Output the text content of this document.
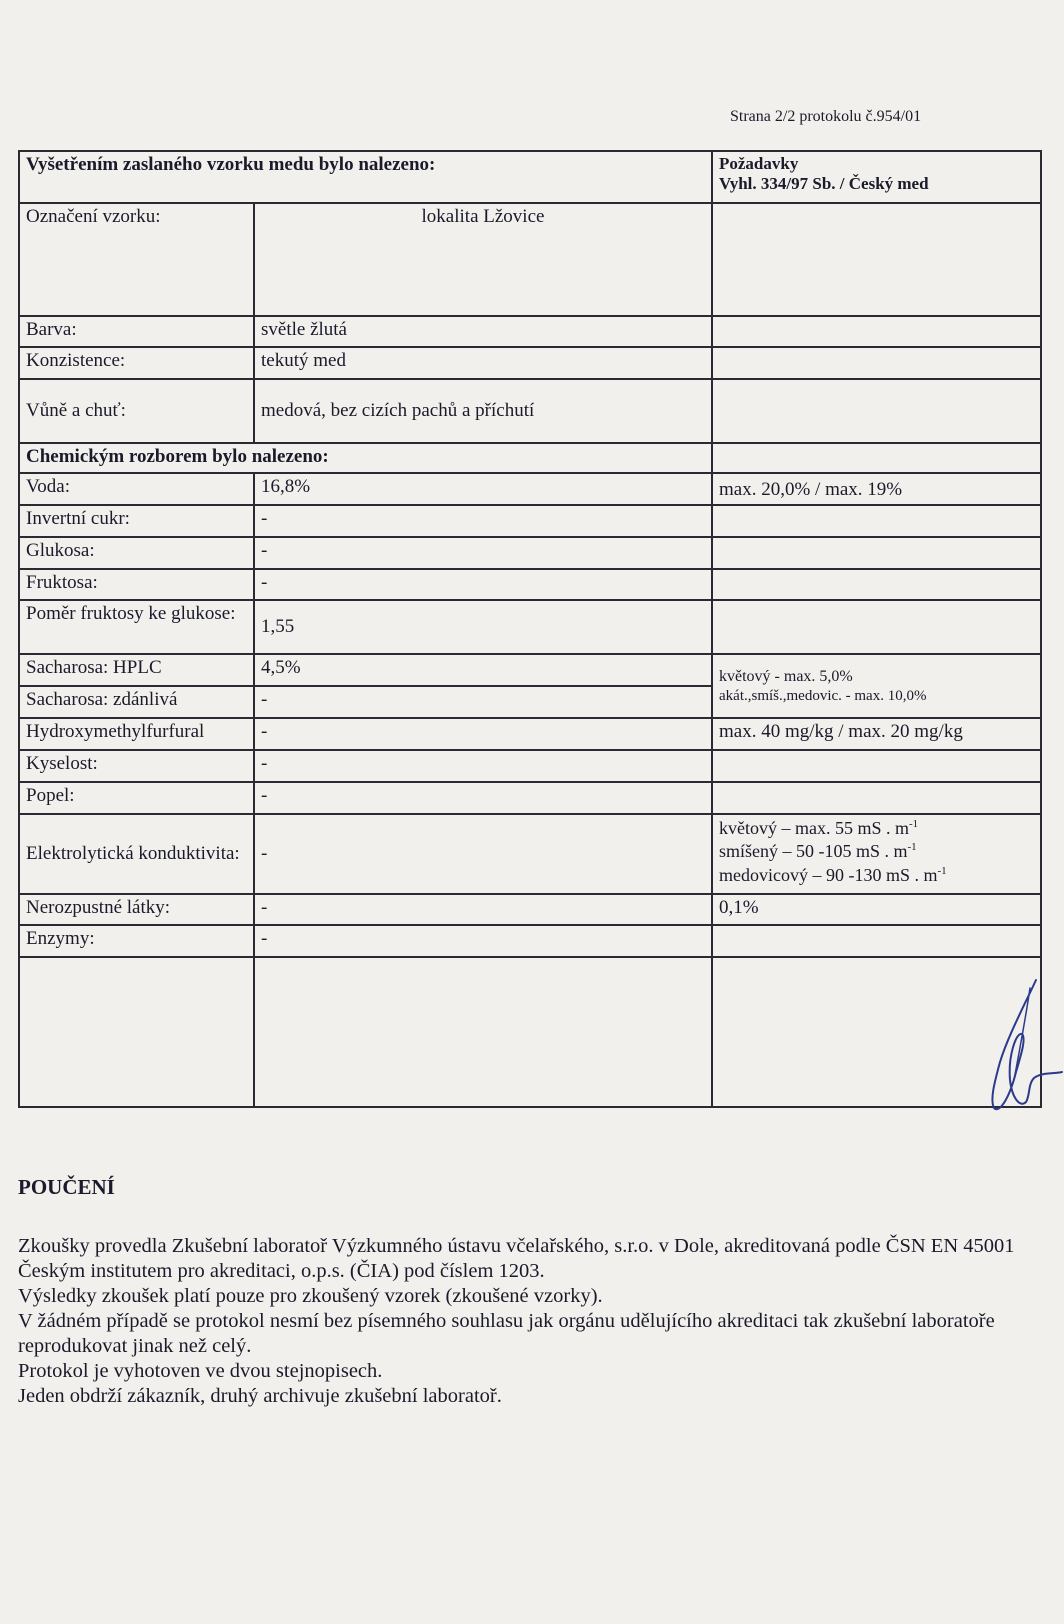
Strana 2/2 protokolu č.954/01
Vyšetřením zaslaného vzorku medu bylo nalezeno:		Požadavky
Vyhl. 334/97 Sb. / Český med

Označení vzorku:	lokalita Lžovice	
Barva:	světle žlutá	
Konzistence:	tekutý med	
Vůně a chuť:	medová, bez cizích pachů a příchutí	
Chemickým rozborem bylo nalezeno:		
Voda:	16,8%	max. 20,0% / max. 19%
Invertní cukr:	-	
Glukosa:	-	
Fruktosa:	-	
Poměr fruktosy ke glukose:	1,55	
Sacharosa: HPLC	4,5%	květový - max. 5,0%
akát.,smíš.,medovic. - max. 10,0%

Sacharosa: zdánlivá	-	
Hydroxymethylfurfural	-	max. 40 mg/kg / max. 20 mg/kg
Kyselost:	-	
Popel:	-	
Elektrolytická konduktivita:	-	květový – max. 55 mS . $m^{-1}$
smíšený – 50 -105 mS . $m^{-1}$
medovicový – 90 -130 mS . $m^{-1}$

Nerozpustné látky:	-	0,1%
Enzymy:	-	

POUČENÍ

Zkoušky provedla Zkušební laboratoř Výzkumného ústavu včelařského, s.r.o. v Dole, akreditovaná podle ČSN EN 45001 Českým institutem pro akreditaci, o.p.s. (ČIA) pod číslem 1203.

Výsledky zkoušek platí pouze pro zkoušený vzorek (zkoušené vzorky).

V žádném případě se protokol nesmí bez písemného souhlasu jak orgánu udělujícího akreditaci tak zkušební laboratoře reprodukovat jinak než celý.

Protokol je vyhotoven ve dvou stejnopisech.

Jeden obdrží zákazník, druhý archivuje zkušební laboratoř.
